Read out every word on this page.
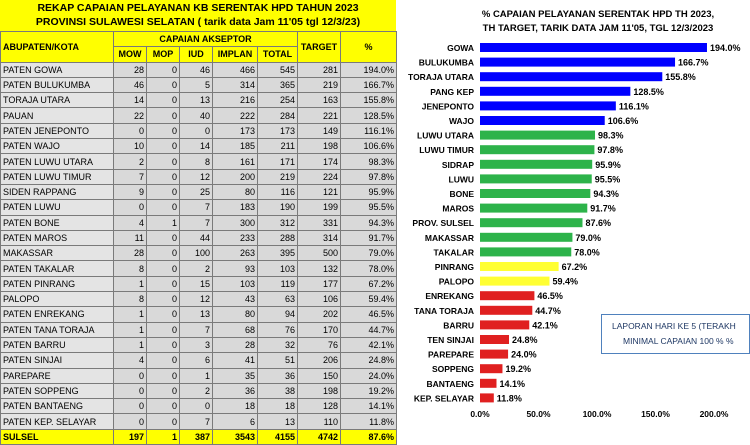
REKAP CAPAIAN PELAYANAN KB SERENTAK HPD TAHUN 2023
PROVINSI SULAWESI SELATAN ( tarik data Jam 11'05 tgl 12/3/23)
ABUPATEN/KOTA	CAPAIAN AKSEPTOR					TARGET	%
	MOW	MOP	IUD	IMPLAN	TOTAL		
PATEN GOWA	28	0	46	466	545	281	194.0%
PATEN BULUKUMBA	46	0	5	314	365	219	166.7%
TORAJA UTARA	14	0	13	216	254	163	155.8%
PAUAN	22	0	40	222	284	221	128.5%
PATEN JENEPONTO	0	0	0	173	173	149	116.1%
PATEN WAJO	10	0	14	185	211	198	106.6%
PATEN LUWU UTARA	2	0	8	161	171	174	98.3%
PATEN LUWU TIMUR	7	0	12	200	219	224	97.8%
SIDEN RAPPANG	9	0	25	80	116	121	95.9%
PATEN LUWU	0	0	7	183	190	199	95.5%
PATEN BONE	4	1	7	300	312	331	94.3%
PATEN MAROS	11	0	44	233	288	314	91.7%
MAKASSAR	28	0	100	263	395	500	79.0%
PATEN TAKALAR	8	0	2	93	103	132	78.0%
PATEN PINRANG	1	0	15	103	119	177	67.2%
PALOPO	8	0	12	43	63	106	59.4%
PATEN ENREKANG	1	0	13	80	94	202	46.5%
PATEN TANA TORAJA	1	0	7	68	76	170	44.7%
PATEN BARRU	1	0	3	28	32	76	42.1%
PATEN SINJAI	4	0	6	41	51	206	24.8%
PAREPARE	0	0	1	35	36	150	24.0%
PATEN SOPPENG	0	0	2	36	38	198	19.2%
PATEN BANTAENG	0	0	0	18	18	128	14.1%
PATEN KEP. SELAYAR	0	0	7	6	13	110	11.8%
SULSEL	197	1	387	3543	4155	4742	87.6%
% CAPAIAN PELAYANAN SERENTAK HPD TH 2023,
TH TARGET, TARIK DATA JAM 11'05, TGL 12/3/2023
GOWA	194.0%
BULUKUMBA	166.7%
TORAJA UTARA	155.8%
PANG KEP	128.5%
JENEPONTO	116.1%
WAJO	106.6%
LUWU UTARA	98.3%
LUWU TIMUR	97.8%
SIDRAP	95.9%
LUWU	95.5%
BONE	94.3%
MAROS	91.7%
PROV. SULSEL	87.6%
MAKASSAR	79.0%
TAKALAR	78.0%
PINRANG	67.2%
PALOPO	59.4%
ENREKANG	46.5%
TANA TORAJA	44.7%
BARRU	42.1%
TEN SINJAI	24.8%
PAREPARE	24.0%
SOPPENG	19.2%
BANTAENG	14.1%
KEP. SELAYAR	11.8%
0.0%	50.0%	100.0%	150.0%	200.0%
LAPORAN HARI KE 5 (TERAKH
MINIMAL CAPAIAN 100 % %
